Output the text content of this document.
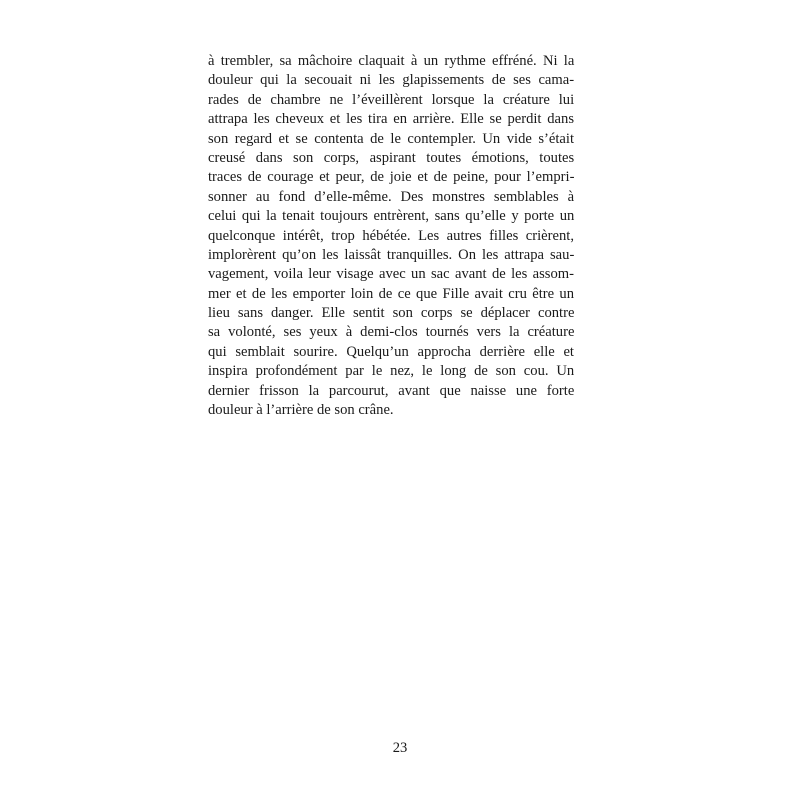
à trembler, sa mâchoire claquait à un rythme effréné. Ni la
douleur qui la secouait ni les glapissements de ses cama-
rades de chambre ne l’éveillèrent lorsque la créature lui
attrapa les cheveux et les tira en arrière. Elle se perdit dans
son regard et se contenta de le contempler. Un vide s’était
creusé dans son corps, aspirant toutes émotions, toutes
traces de courage et peur, de joie et de peine, pour l’empri-
sonner au fond d’elle-même. Des monstres semblables à
celui qui la tenait toujours entrèrent, sans qu’elle y porte un
quelconque intérêt, trop hébétée. Les autres filles crièrent,
implorèrent qu’on les laissât tranquilles. On les attrapa sau-
vagement, voila leur visage avec un sac avant de les assom-
mer et de les emporter loin de ce que Fille avait cru être un
lieu sans danger. Elle sentit son corps se déplacer contre
sa volonté, ses yeux à demi-clos tournés vers la créature
qui semblait sourire. Quelqu’un approcha derrière elle et
inspira profondément par le nez, le long de son cou. Un
dernier frisson la parcourut, avant que naisse une forte
douleur à l’arrière de son crâne.
23
